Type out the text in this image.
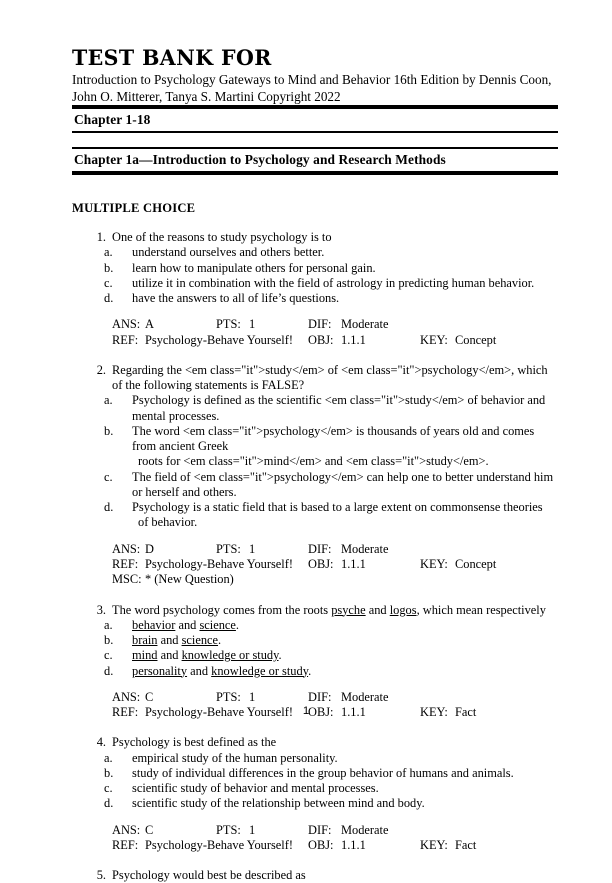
TEST BANK FOR
Introduction to Psychology Gateways to Mind and Behavior 16th Edition by Dennis Coon, John O. Mitterer, Tanya S. Martini Copyright 2022
Chapter 1-18
Chapter 1a—Introduction to Psychology and Research Methods
MULTIPLE CHOICE
1. One of the reasons to study psychology is to
a.	understand ourselves and others better.
b.	learn how to manipulate others for personal gain.
c.	utilize it in combination with the field of astrology in predicting human behavior.
d.	have the answers to all of life’s questions.
ANS: A	PTS: 1	DIF: Moderate
REF: Psychology-Behave Yourself! OBJ: 1.1.1	KEY: Concept
2. Regarding the <em class="it">study</em> of <em class="it">psychology</em>, which of the following statements is FALSE?
a.	Psychology is defined as the scientific <em class="it">study</em> of behavior and mental processes.
b.	The word <em class="it">psychology</em> is thousands of years old and comes from ancient Greek
roots for <em class="it">mind</em> and <em class="it">study</em>.
c.	The field of <em class="it">psychology</em> can help one to better understand him or herself and others.
d.	Psychology is a static field that is based to a large extent on commonsense theories
of behavior.
ANS: D	PTS: 1	DIF: Moderate
REF: Psychology-Behave Yourself! OBJ: 1.1.1	KEY: Concept
MSC: * (New Question)
3. The word psychology comes from the roots psyche and logos, which mean respectively
a.	behavior and science.
b.	brain and science.
c.	mind and knowledge or study.
d.	personality and knowledge or study.
ANS: C	PTS: 1	DIF: Moderate
REF: Psychology-Behave Yourself! OBJ: 1.1.1	KEY: Fact
4. Psychology is best defined as the
a.	empirical study of the human personality.
b.	study of individual differences in the group behavior of humans and animals.
c.	scientific study of behavior and mental processes.
d.	scientific study of the relationship between mind and body.
ANS: C	PTS: 1	DIF: Moderate
REF: Psychology-Behave Yourself! OBJ: 1.1.1	KEY: Fact
5. Psychology would best be described as
1
